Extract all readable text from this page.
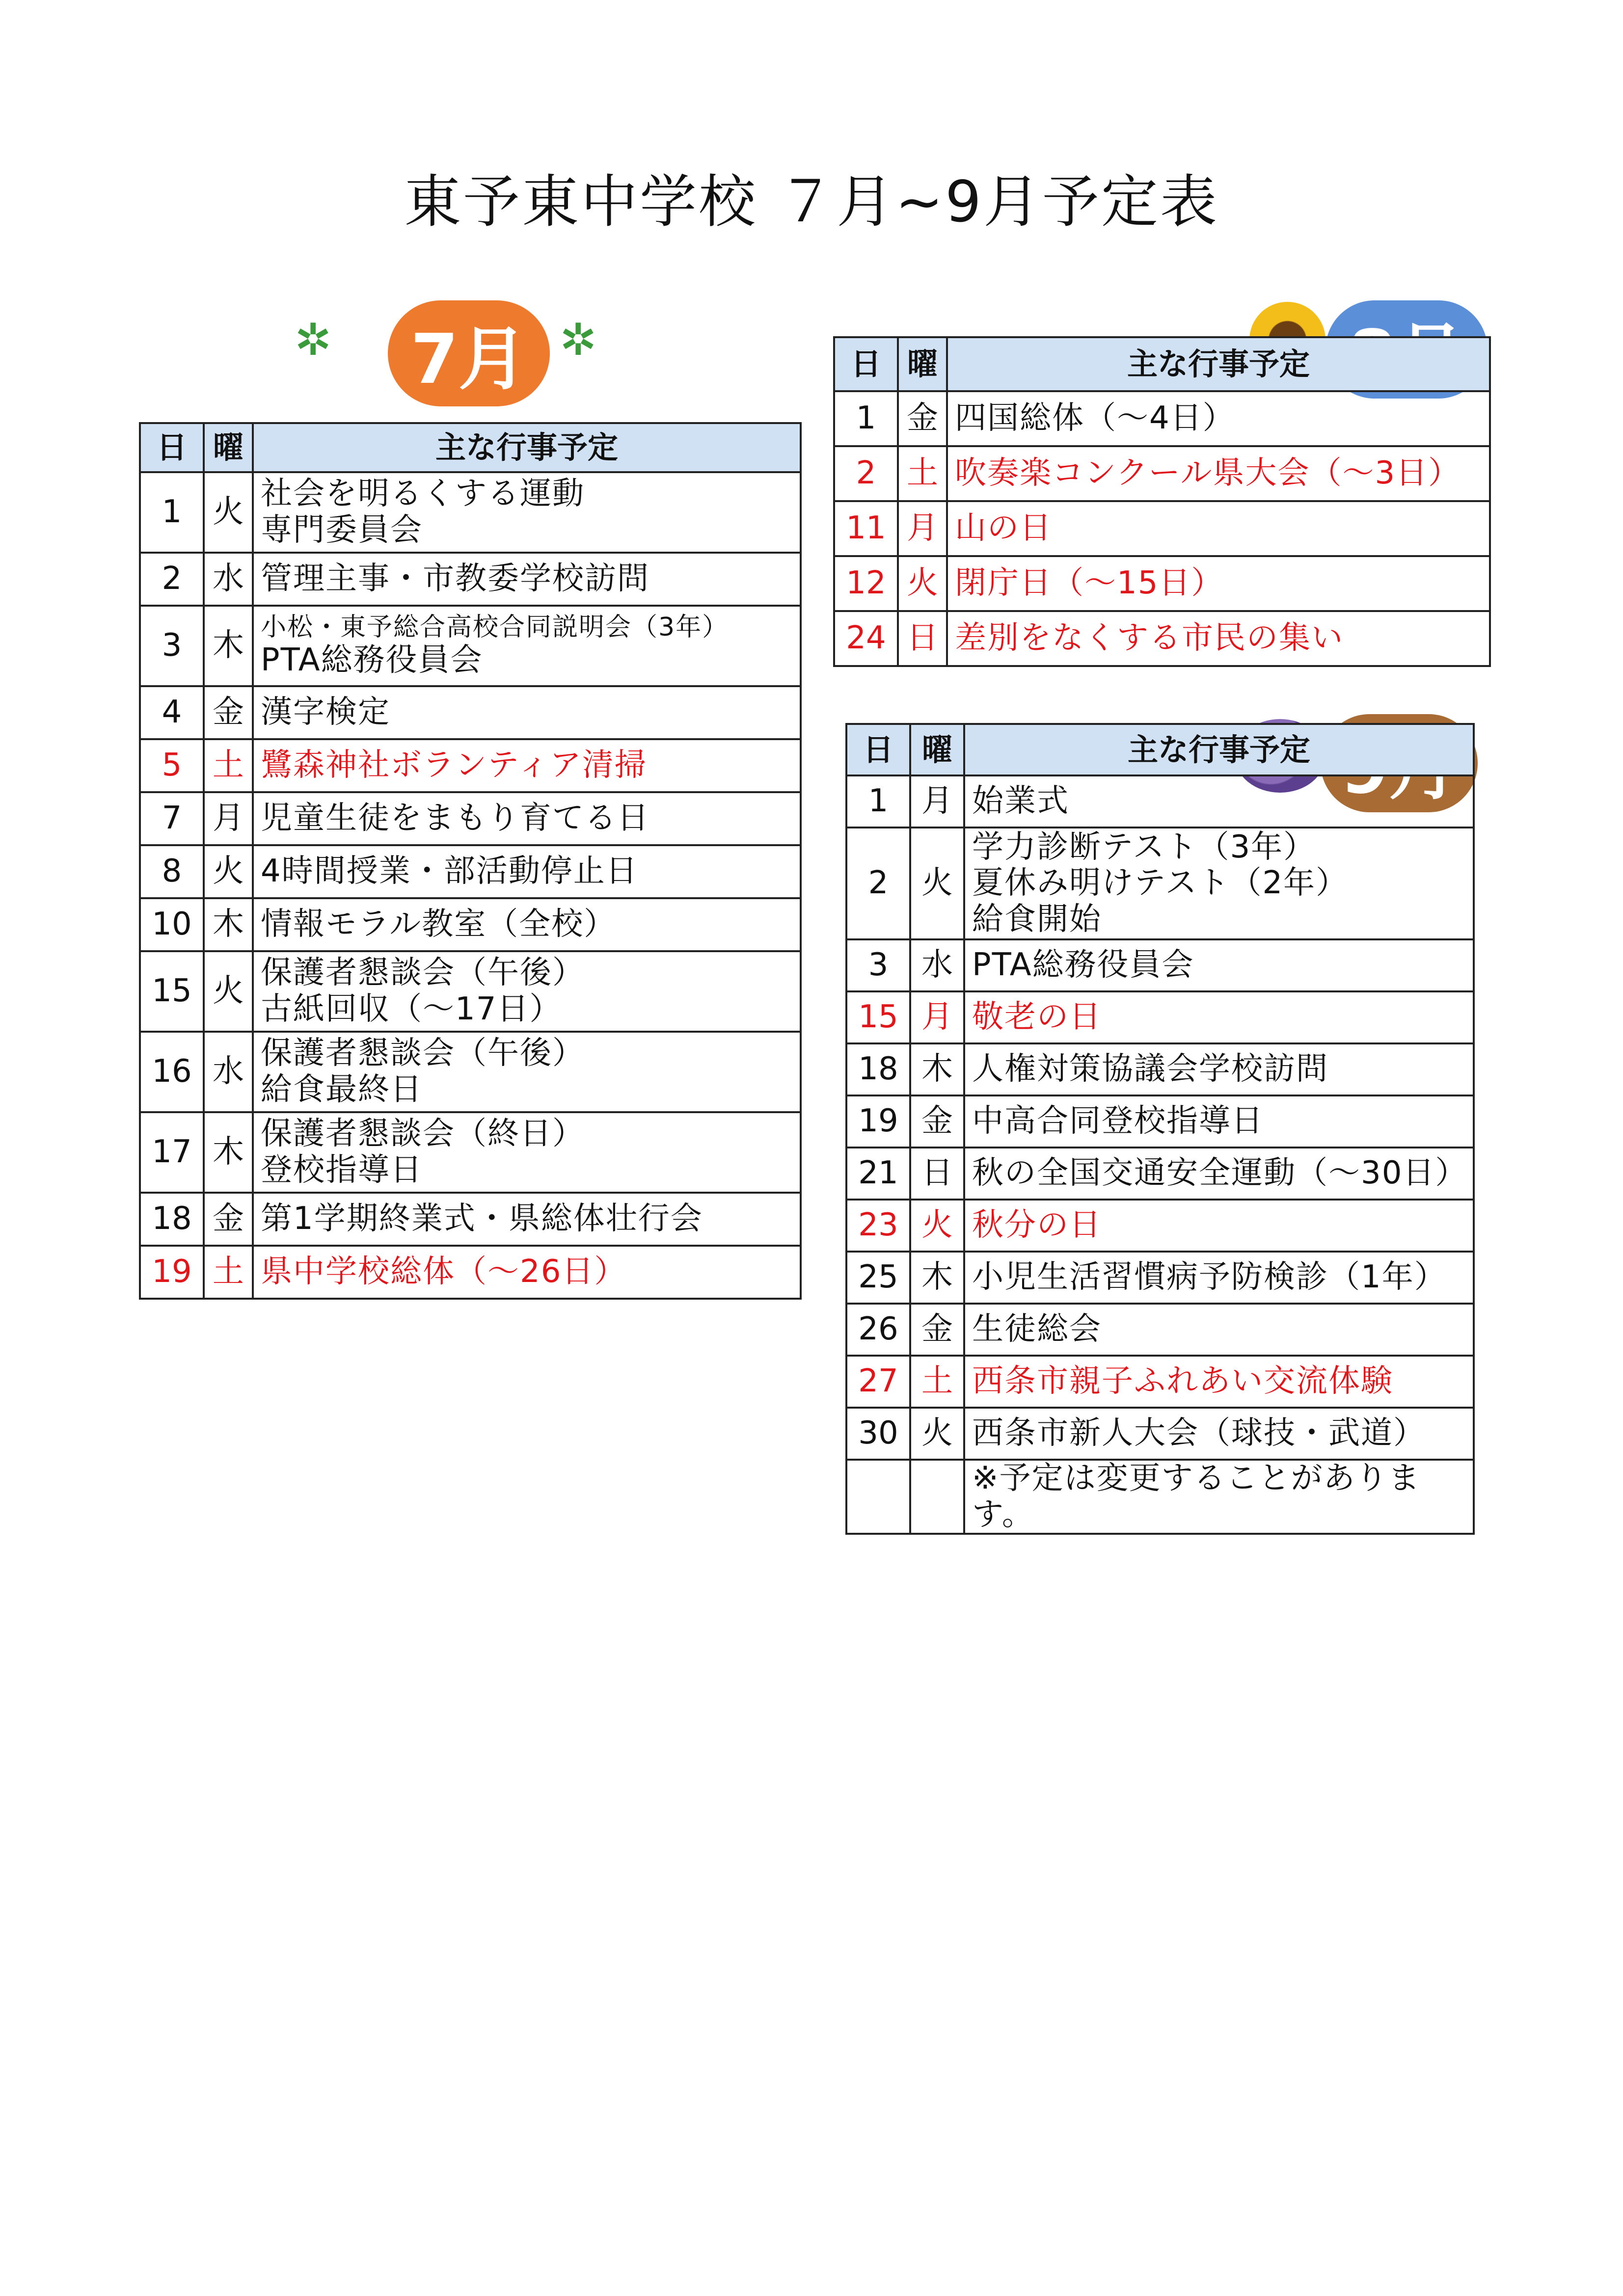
東予東中学校 ７月~9月予定表
✲	✲
7月
日	曜	主な行事予定
1	火	社会を明るくする運動
専門委員会

2	水	管理主事・市教委学校訪問

3	木	小松・東予総合高校合同説明会（3年）
PTA総務役員会

4	金	漢字検定

5	土	鷺森神社ボランティア清掃

7	月	児童生徒をまもり育てる日

8	火	4時間授業・部活動停止日

10	木	情報モラル教室（全校）

15	火	保護者懇談会（午後）
古紙回収（～17日）

16	水	保護者懇談会（午後）
給食最終日

17	木	保護者懇談会（終日）
登校指導日

18	金	第1学期終業式・県総体壮行会

19	土	県中学校総体（～26日）
日	曜	主な行事予定
1	金	四国総体（～4日）

2	土	吹奏楽コンクール県大会（～3日）

11	月	山の日

12	火	閉庁日（～15日）

24	日	差別をなくする市民の集い
日	曜	主な行事予定
1	月	始業式

2	火	学力診断テスト（3年）
夏休み明けテスト（2年）
給食開始

3	水	PTA総務役員会

15	月	敬老の日

18	木	人権対策協議会学校訪問

19	金	中高合同登校指導日

21	日	秋の全国交通安全運動（～30日）

23	火	秋分の日

25	木	小児生活習慣病予防検診（1年）

26	金	生徒総会

27	土	西条市親子ふれあい交流体験

30	火	西条市新人大会（球技・武道）

		※予定は変更することがあります。
